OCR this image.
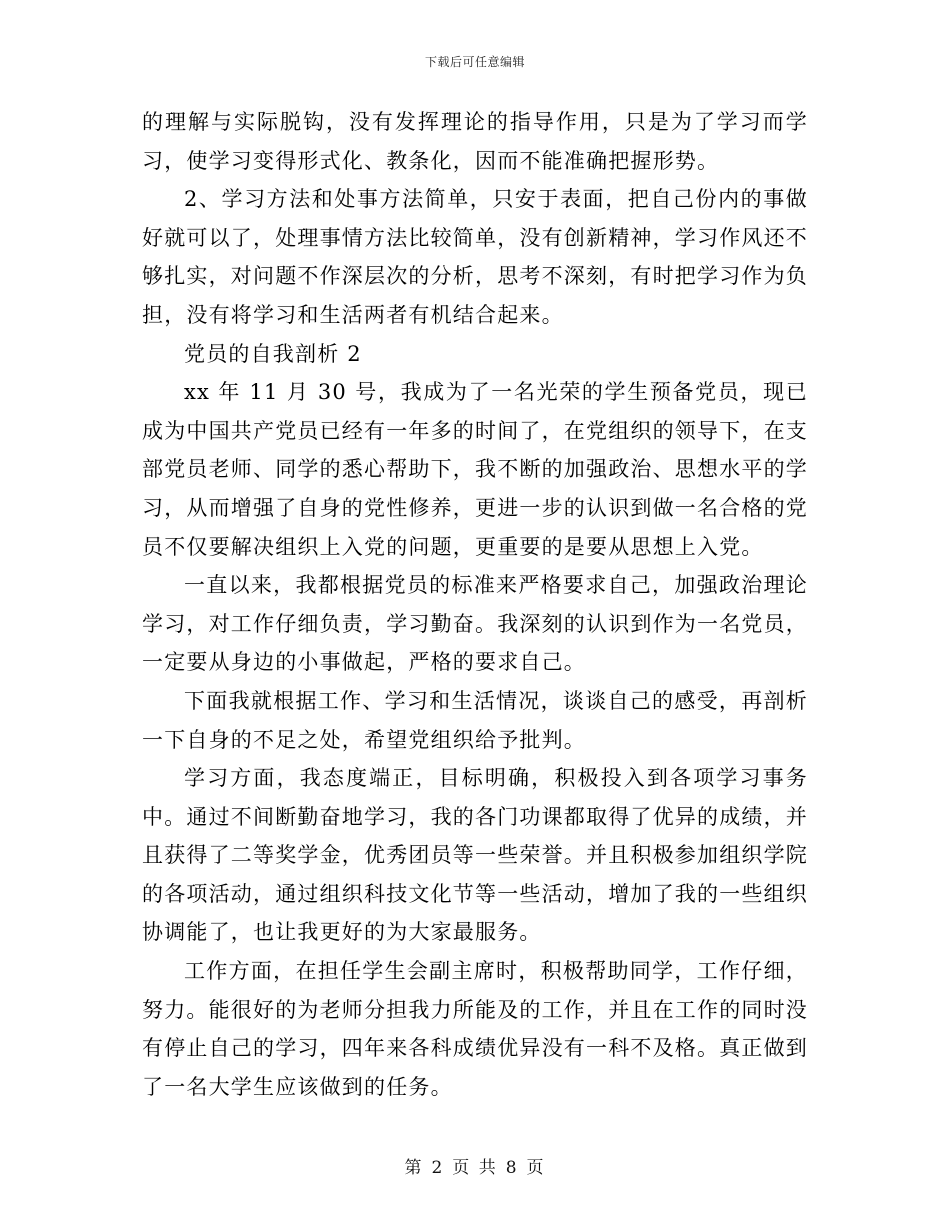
下载后可任意编辑

的理解与实际脱钩，没有发挥理论的指导作用，只是为了学习而学习，使学习变得形式化、教条化，因而不能准确把握形势。

2、学习方法和处事方法简单，只安于表面，把自己份内的事做好就可以了，处理事情方法比较简单，没有创新精神，学习作风还不够扎实，对问题不作深层次的分析，思考不深刻，有时把学习作为负担，没有将学习和生活两者有机结合起来。

党员的自我剖析 2

xx 年 11 月 30 号，我成为了一名光荣的学生预备党员，现已成为中国共产党员已经有一年多的时间了，在党组织的领导下，在支部党员老师、同学的悉心帮助下，我不断的加强政治、思想水平的学习，从而增强了自身的党性修养，更进一步的认识到做一名合格的党员不仅要解决组织上入党的问题，更重要的是要从思想上入党。

一直以来，我都根据党员的标准来严格要求自己，加强政治理论学习，对工作仔细负责，学习勤奋。我深刻的认识到作为一名党员，一定要从身边的小事做起，严格的要求自己。

下面我就根据工作、学习和生活情况，谈谈自己的感受，再剖析一下自身的不足之处，希望党组织给予批判。

学习方面，我态度端正，目标明确，积极投入到各项学习事务中。通过不间断勤奋地学习，我的各门功课都取得了优异的成绩，并且获得了二等奖学金，优秀团员等一些荣誉。并且积极参加组织学院的各项活动，通过组织科技文化节等一些活动，增加了我的一些组织协调能了，也让我更好的为大家最服务。

工作方面，在担任学生会副主席时，积极帮助同学，工作仔细，努力。能很好的为老师分担我力所能及的工作，并且在工作的同时没有停止自己的学习，四年来各科成绩优异没有一科不及格。真正做到了一名大学生应该做到的任务。

第 2 页 共 8 页
